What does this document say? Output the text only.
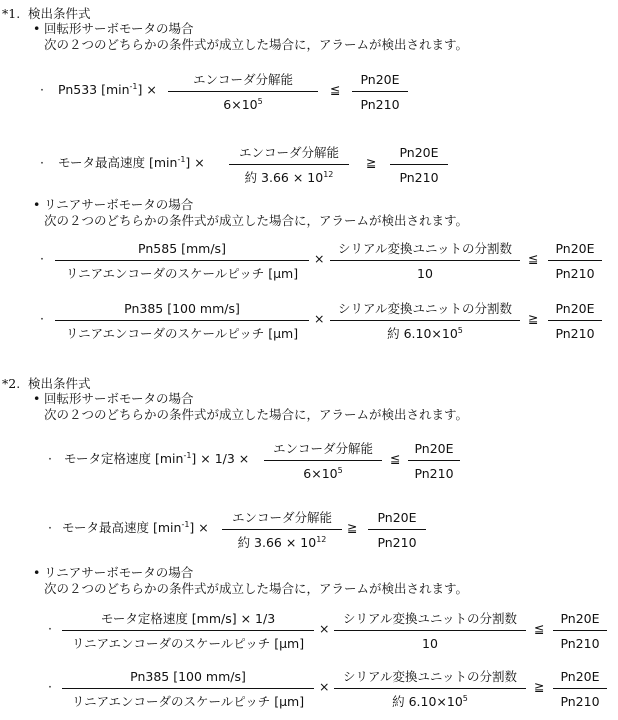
*1. 検出条件式
• 回転形サーボモータの場合
次の２つのどちらかの条件式が成立した場合に，アラームが検出されます。
· Pn533 $[\min^{-1}]$ ×
エンコーダ分解能
$6\times 10^5$
≦
Pn20E
Pn210
· モータ最高速度 $[\min^{-1}]$ ×
エンコーダ分解能
約 $3.66 \times 10^{12}$
≧
Pn20E
Pn210
• リニアサーボモータの場合
次の２つのどちらかの条件式が成立した場合に，アラームが検出されます。
·
Pn585 [mm/s]
リニアエンコーダのスケールピッチ [μm]
×
シリアル変換ユニットの分割数
10
≦
Pn20E
Pn210
·
Pn385 [100 mm/s]
リニアエンコーダのスケールピッチ [μm]
×
シリアル変換ユニットの分割数
約 $6.10\times 10^5$
≧
Pn20E
Pn210
*2. 検出条件式
• 回転形サーボモータの場合
次の２つのどちらかの条件式が成立した場合に，アラームが検出されます。
· モータ定格速度 $[\min^{-1}] \times 1/3$ ×
エンコーダ分解能
$6\times 10^5$
≦
Pn20E
Pn210
· モータ最高速度 $[\min^{-1}]$ ×
エンコーダ分解能
約 $3.66 \times 10^{12}$
≧
Pn20E
Pn210
• リニアサーボモータの場合
次の２つのどちらかの条件式が成立した場合に，アラームが検出されます。
·
モータ定格速度 [mm/s] × 1/3
リニアエンコーダのスケールピッチ [μm]
×
シリアル変換ユニットの分割数
10
≦
Pn20E
Pn210
·
Pn385 [100 mm/s]
リニアエンコーダのスケールピッチ [μm]
×
シリアル変換ユニットの分割数
約 $6.10\times 10^5$
≧
Pn20E
Pn210
